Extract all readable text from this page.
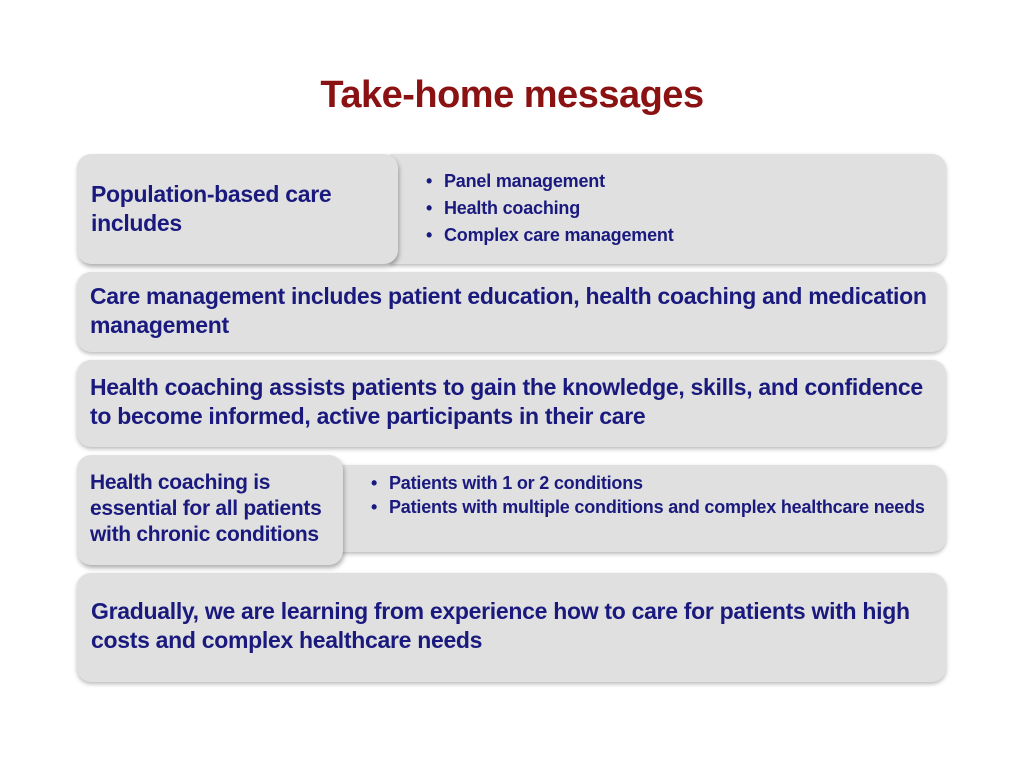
Take-home messages
• Panel management
• Health coaching
• Complex care management
Population-based care includes
Care management includes patient education, health coaching and medication management
Health coaching assists patients to gain the knowledge, skills, and confidence to become informed, active participants in their care
• Patients with 1 or 2 conditions
• Patients with multiple conditions and complex healthcare needs
Health coaching is essential for all patients with chronic conditions
Gradually, we are learning from experience how to care for patients with high costs and complex healthcare needs
